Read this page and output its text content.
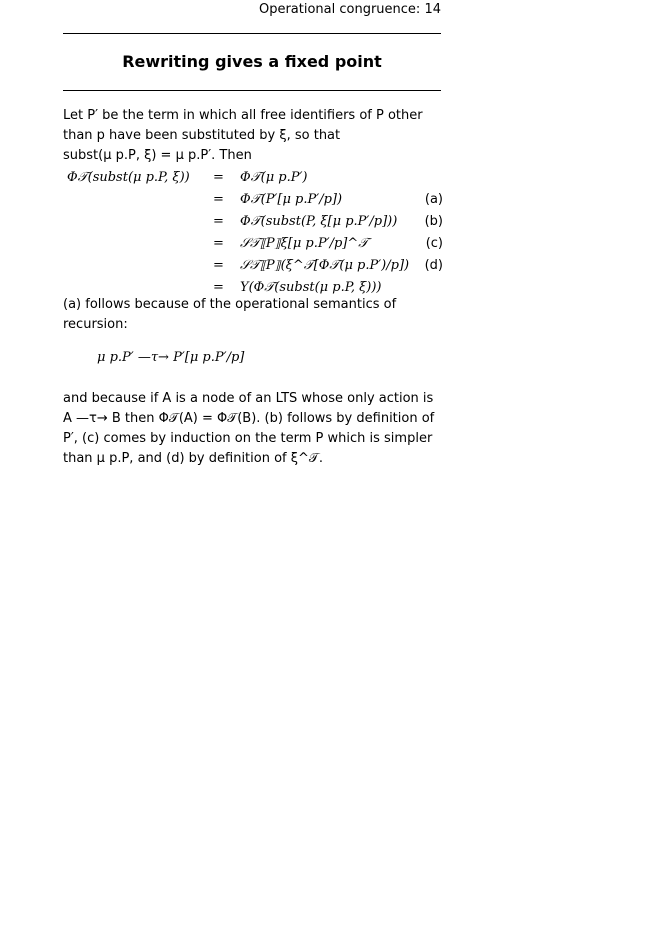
Operational congruence: 14
Rewriting gives a fixed point
Let P′ be the term in which all free identifiers of P other
than p have been substituted by ξ, so that
subst(μ p.P, ξ) = μ p.P′. Then
Φ𝒯(subst(μ p.P, ξ)) = Φ𝒯(μ p.P′)
= Φ𝒯(P′[μ p.P′/p])	(a)
= Φ𝒯(subst(P, ξ[μ p.P′/p])) (b)
= 𝒮𝒯⟦P⟧ξ[μ p.P′/p]^𝒯	(c)
= 𝒮𝒯⟦P⟧(ξ^𝒯[Φ𝒯(μ p.P′)/p]) (d)
= Υ(Φ𝒯(subst(μ p.P, ξ)))
(a) follows because of the operational semantics of
recursion:
μ p.P′ —τ→ P′[μ p.P′/p]
and because if A is a node of an LTS whose only action is
A —τ→ B then Φ𝒯(A) = Φ𝒯(B). (b) follows by definition of
P′, (c) comes by induction on the term P which is simpler
than μ p.P, and (d) by definition of ξ^𝒯.
